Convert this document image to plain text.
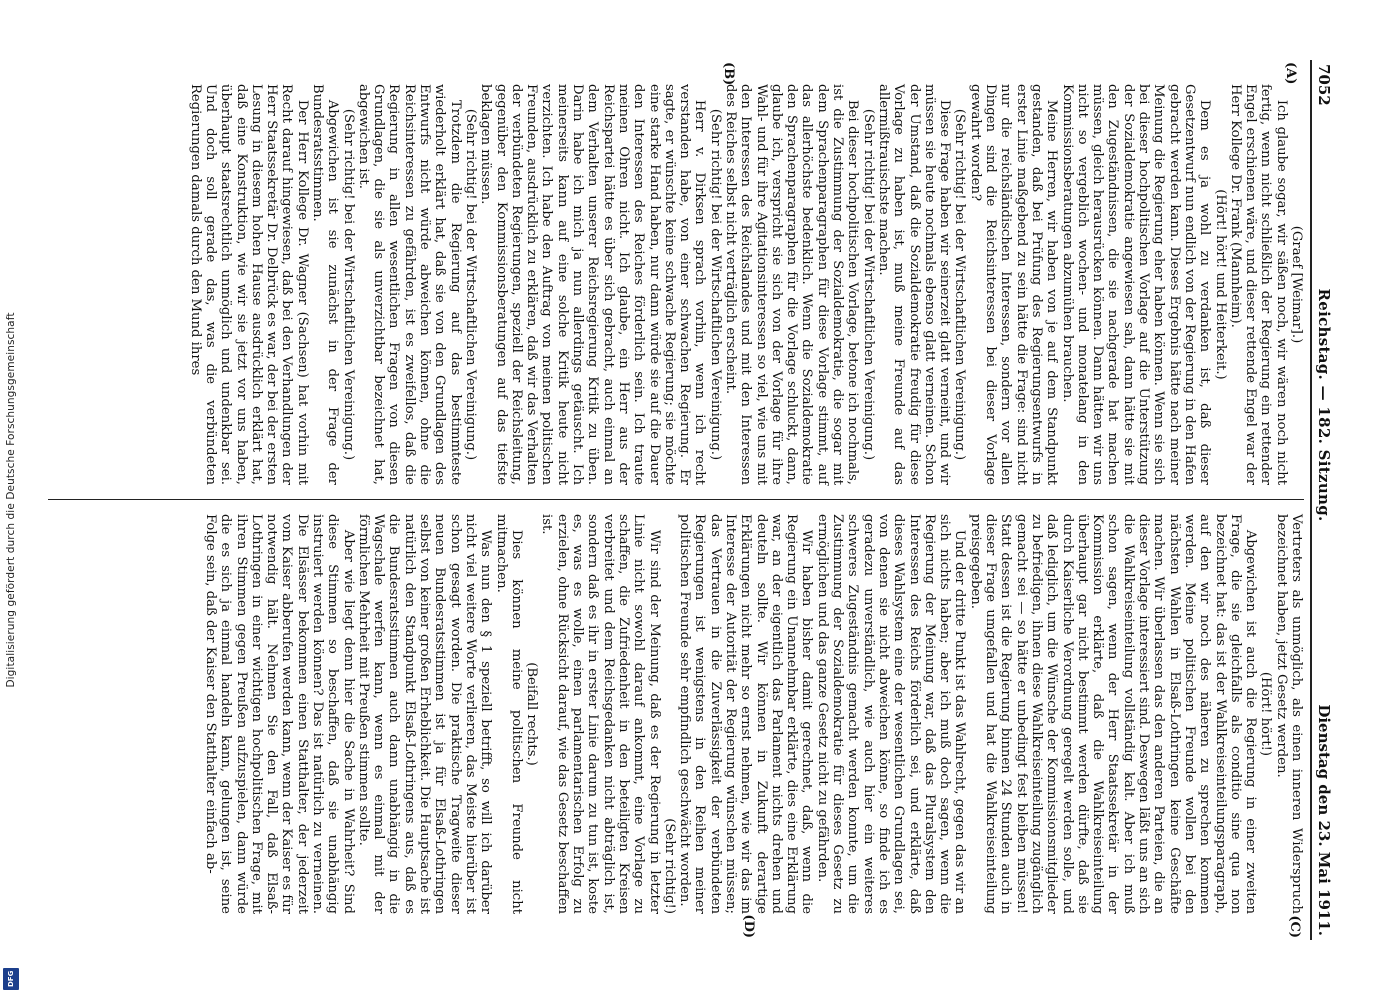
Digitalisierung gefördert durch die Deutsche Forschungsgemeinschaft
DFG
7052
Reichstag. — 182. Sitzung.
Dienstag den 23. Mai 1911.
(A)
(B)

(Graef [Weimar].)

Ich glaube sogar, wir säßen noch, wir wären noch nicht fertig, wenn nicht schließlich der Regierung ein rettender Engel erschienen wäre, und dieser rettende Engel war der Herr Kollege Dr. Frank (Mannheim).

(Hört! hört! und Heiterkeit.)

Dem es ja wohl zu verdanken ist, daß dieser Gesetzentwurf nun endlich von der Regierung in den Hafen gebracht werden kann. Dieses Ergebnis hätte nach meiner Meinung die Regierung eher haben können. Wenn sie sich bei dieser hochpolitischen Vorlage auf die Unterstützung der Sozialdemokratie angewiesen sah, dann hätte sie mit den Zugeständnissen, die sie nachgerade hat machen müssen, gleich herausrücken können. Dann hätten wir uns nicht so vergeblich wochen- und monatelang in den Kommissionsberatungen abzumühen brauchen.

Meine Herren, wir haben von je auf dem Standpunkt gestanden, daß bei Prüfung des Regierungsentwurfs in erster Linie maßgebend zu sein hätte die Frage: sind nicht nur die reichsländischen Interessen, sondern vor allen Dingen sind die Reichsinteressen bei dieser Vorlage gewahrt worden?

(Sehr richtig! bei der Wirtschaftlichen Vereinigung.)

Diese Frage haben wir seinerzeit glatt verneint, und wir müssen sie heute nochmals ebenso glatt verneinen. Schon der Umstand, daß die Sozialdemokratie freudig für diese Vorlage zu haben ist, muß meine Freunde auf das allermißtrauischste machen.

(Sehr richtig! bei der Wirtschaftlichen Vereinigung.)

Bei dieser hochpolitischen Vorlage, betone ich nochmals, ist die Zustimmung der Sozialdemokratie, die sogar mit dem Sprachenparagraphen für diese Vorlage stimmt, auf das allerhöchste bedenklich. Wenn die Sozialdemokratie den Sprachenparagraphen für die Vorlage schluckt, dann, glaube ich, verspricht sie sich von der Vorlage für ihre Wahl- und für ihre Agitationsinteressen so viel, wie uns mit den Interessen des Reichslandes und mit den Interessen des Reiches selbst nicht verträglich erscheint.

(Sehr richtig! bei der Wirtschaftlichen Vereinigung.)

Herr v. Dirksen sprach vorhin, wenn ich recht verstanden habe, von einer schwachen Regierung. Er sagte, er wünschte keine schwache Regierung; sie möchte eine starke Hand haben, nur dann würde sie auf die Dauer den Interessen des Reiches förderlich sein. Ich traute meinen Ohren nicht. Ich glaube, ein Herr aus der Reichspartei hätte es über sich gebracht, auch einmal an dem Verhalten unserer Reichsregierung Kritik zu üben. Darin habe ich mich ja nun allerdings getäuscht. Ich meinerseits kann auf eine solche Kritik heute nicht verzichten. Ich habe den Auftrag von meinen politischen Freunden, ausdrücklich zu erklären, daß wir das Verhalten der verbündeten Regierungen, speziell der Reichsleitung, gegenüber den Kommissionsberatungen auf das tiefste beklagen müssen.

(Sehr richtig! bei der Wirtschaftlichen Vereinigung.)

Trotzdem die Regierung auf das bestimmteste wiederholt erklärt hat, daß sie von den Grundlagen des Entwurfs nicht würde abweichen können, ohne die Reichsinteressen zu gefährden, ist es zweifellos, daß die Regierung in allen wesentlichen Fragen von diesen Grundlagen, die sie als unverzichtbar bezeichnet hat, abgewichen ist.

(Sehr richtig! bei der Wirtschaftlichen Vereinigung.)

Abgewichen ist sie zunächst in der Frage der Bundesratsstimmen.

Der Herr Kollege Dr. Wagner (Sachsen) hat vorhin mit Recht darauf hingewiesen, daß bei den Verhandlungen der Herr Staatssekretär Dr. Delbrück es war, der bei der ersten Lesung in diesem hohen Hause ausdrücklich erklärt hat, daß eine Konstruktion, wie wir sie jetzt vor uns haben, überhaupt staatsrechtlich unmöglich und undenkbar sei. Und doch soll gerade das, was die verbündeten Regierungen damals durch den Mund ihres

(C)
(D)

Vertreters als unmöglich, als einen inneren Widerspruch bezeichnet haben, jetzt Gesetz werden.

(Hört! hört!)

Abgewichen ist auch die Regierung in einer zweiten Frage, die sie gleichfalls als conditio sine qua non bezeichnet hat: das ist der Wahlkreiseinteilungsparagraph, auf den wir noch des näheren zu sprechen kommen werden. Meine politischen Freunde wollen bei den nächsten Wahlen in Elsaß-Lothringen keine Geschäfte machen. Wir überlassen das den anderen Parteien, die an dieser Vorlage interessiert sind. Deswegen läßt uns an sich die Wahlkreiseinteilung vollständig kalt. Aber ich muß schon sagen, wenn der Herr Staatssekretär in der Kommission erklärte, daß die Wahlkreiseinteilung überhaupt gar nicht bestimmt werden dürfte, daß sie durch Kaiserliche Verordnung geregelt werden solle, und daß lediglich, um die Wünsche der Kommissionsmitglieder zu befriedigen, ihnen diese Wahlkreiseinteilung zugänglich gemacht sei — so hätte er unbedingt fest bleiben müssen! Statt dessen ist die Regierung binnen 24 Stunden auch in dieser Frage umgefallen und hat die Wahlkreiseinteilung preisgegeben.

Und der dritte Punkt ist das Wahlrecht, gegen das wir an sich nichts haben; aber ich muß doch sagen, wenn die Regierung der Meinung war, daß das Pluralsystem den Interessen des Reichs förderlich sei, und erklärte, daß dieses Wahlsystem eine der wesentlichen Grundlagen sei, von denen sie nicht abweichen könne, so finde ich es geradezu unverständlich, wie auch hier ein weiteres schweres Zugeständnis gemacht werden konnte, um die Zustimmung der Sozialdemokratie für dieses Gesetz zu ermöglichen und das ganze Gesetz nicht zu gefährden.

Wir haben bisher damit gerechnet, daß, wenn die Regierung ein Unannehmbar erklärte, dies eine Erklärung war, an der eigentlich das Parlament nichts drehen und deuteln sollte. Wir können in Zukunft derartige Erklärungen nicht mehr so ernst nehmen, wie wir das im Interesse der Autorität der Regierung wünschen müssen; das Vertrauen in die Zuverlässigkeit der verbündeten Regierungen ist wenigstens in den Reihen meiner politischen Freunde sehr empfindlich geschwächt worden.

(Sehr richtig!)

Wir sind der Meinung, daß es der Regierung in letzter Linie nicht sowohl darauf ankommt, eine Vorlage zu schaffen, die Zufriedenheit in den beteiligten Kreisen verbreitet und dem Reichsgedanken nicht abträglich ist, sondern daß es ihr in erster Linie darum zu tun ist, koste es, was es wolle, einen parlamentarischen Erfolg zu erzielen, ohne Rücksicht darauf, wie das Gesetz beschaffen ist.

(Beifall rechts.)

Dies können meine politischen Freunde nicht mitmachen.

Was nun den § 1 speziell betrifft, so will ich darüber nicht viel weitere Worte verlieren, das Meiste hierüber ist schon gesagt worden. Die praktische Tragweite dieser neuen Bundesratsstimmen ist ja für Elsaß-Lothringen selbst von keiner großen Erheblichkeit. Die Hauptsache ist natürlich den Standpunkt Elsaß-Lothringens aus, daß es die Bundesratsstimmen auch dann unabhängig in die Wagschale werfen kann, wenn es einmal mit der förmlichen Mehrheit mit Preußen stimmen sollte.

Aber wie liegt denn hier die Sache in Wahrheit? Sind diese Stimmen so beschaffen, daß sie unabhängig instruiert werden können? Das ist natürlich zu verneinen. Die Elsässer bekommen einen Statthalter, der jederzeit vom Kaiser abberufen werden kann, wenn der Kaiser es für notwendig hält. Nehmen Sie den Fall, daß Elsaß-Lothringen in einer wichtigen hochpolitischen Frage, mit ihren Stimmen gegen Preußen aufzuspielen, dann würde die es sich ja einmal handeln kann, gelungen ist, seine Folge sein, daß der Kaiser den Statthalter einfach ab-
